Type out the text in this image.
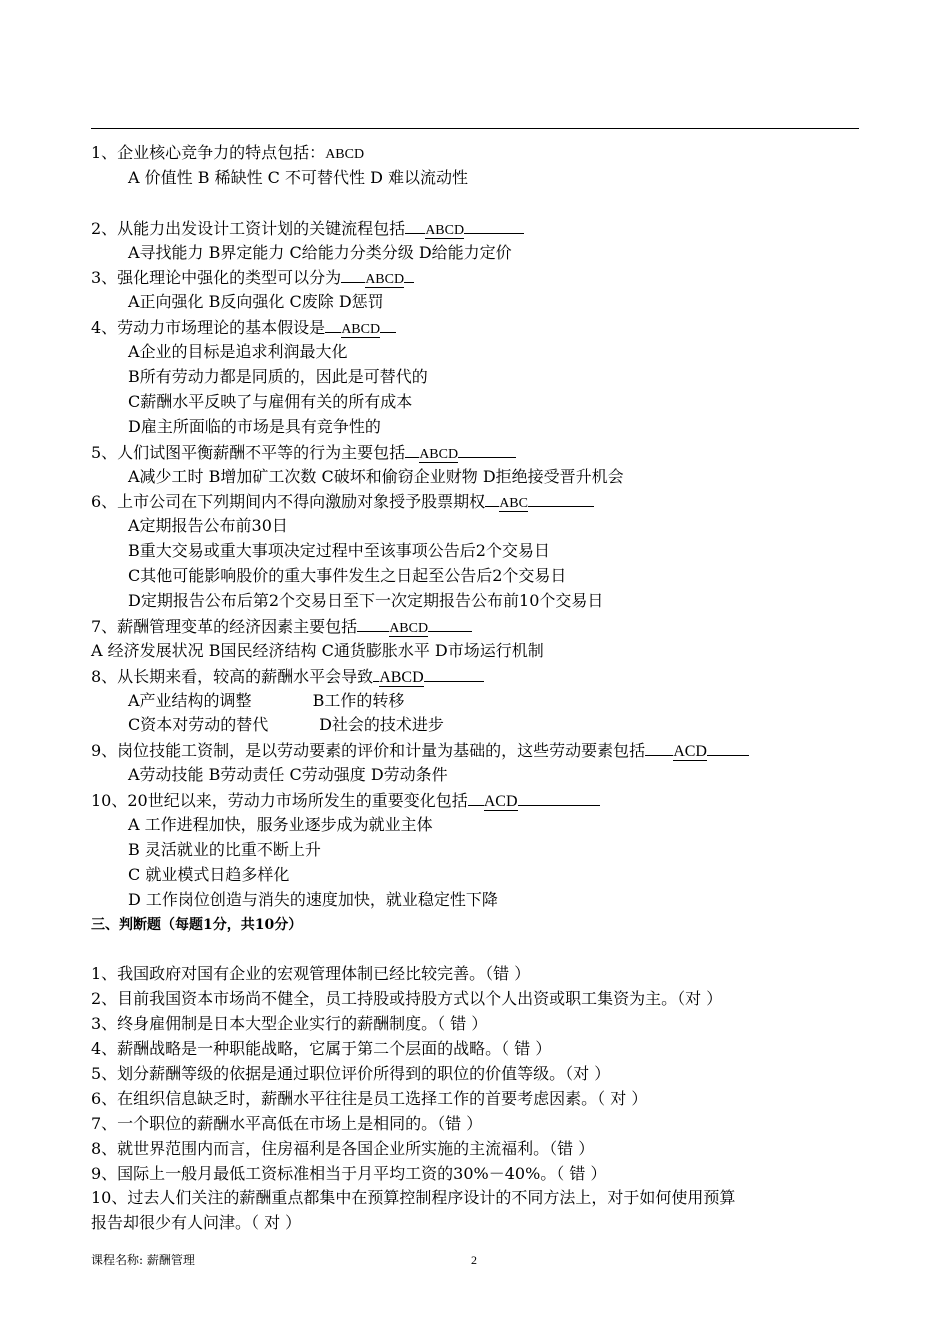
1、企业核心竞争力的特点包括：ABCD
A 价值性 B 稀缺性 C 不可替代性 D 难以流动性
2、从能力出发设计工资计划的关键流程包括 ABCD
A寻找能力 B界定能力 C给能力分类分级 D给能力定价
3、强化理论中强化的类型可以分为 ABCD
A正向强化 B反向强化 C废除 D惩罚
4、劳动力市场理论的基本假设是 ABCD
A企业的目标是追求利润最大化
B所有劳动力都是同质的，因此是可替代的
C薪酬水平反映了与雇佣有关的所有成本
D雇主所面临的市场是具有竞争性的
5、人们试图平衡薪酬不平等的行为主要包括 ABCD
A减少工时 B增加矿工次数 C破坏和偷窃企业财物 D拒绝接受晋升机会
6、上市公司在下列期间内不得向激励对象授予股票期权 ABC
A定期报告公布前30日
B重大交易或重大事项决定过程中至该事项公告后2个交易日
C其他可能影响股价的重大事件发生之日起至公告后2个交易日
D定期报告公布后第2个交易日至下一次定期报告公布前10个交易日
7、薪酬管理变革的经济因素主要包括 ABCD
A 经济发展状况 B国民经济结构 C通货膨胀水平 D市场运行机制
8、从长期来看，较高的薪酬水平会导致 ABCD
A产业结构的调整            B工作的转移
C资本对劳动的替代          D社会的技术进步
9、岗位技能工资制，是以劳动要素的评价和计量为基础的，这些劳动要素包括 ACD
A劳动技能 B劳动责任 C劳动强度 D劳动条件
10、20世纪以来，劳动力市场所发生的重要变化包括 ACD
A 工作进程加快，服务业逐步成为就业主体
B 灵活就业的比重不断上升
C 就业模式日趋多样化
D 工作岗位创造与消失的速度加快，就业稳定性下降
三、判断题（每题1分，共10分）
1、我国政府对国有企业的宏观管理体制已经比较完善。（错 ）
2、目前我国资本市场尚不健全，员工持股或持股方式以个人出资或职工集资为主。（对 ）
3、终身雇佣制是日本大型企业实行的薪酬制度。（ 错 ）
4、薪酬战略是一种职能战略，它属于第二个层面的战略。（ 错 ）
5、划分薪酬等级的依据是通过职位评价所得到的职位的价值等级。（对 ）
6、在组织信息缺乏时，薪酬水平往往是员工选择工作的首要考虑因素。（ 对 ）
7、一个职位的薪酬水平高低在市场上是相同的。（错 ）
8、就世界范围内而言，住房福利是各国企业所实施的主流福利。（错 ）
9、国际上一般月最低工资标准相当于月平均工资的30%－40%。（ 错 ）
10、过去人们关注的薪酬重点都集中在预算控制程序设计的不同方法上，对于如何使用预算
报告却很少有人问津。（ 对 ）
课程名称: 薪酬管理	2
